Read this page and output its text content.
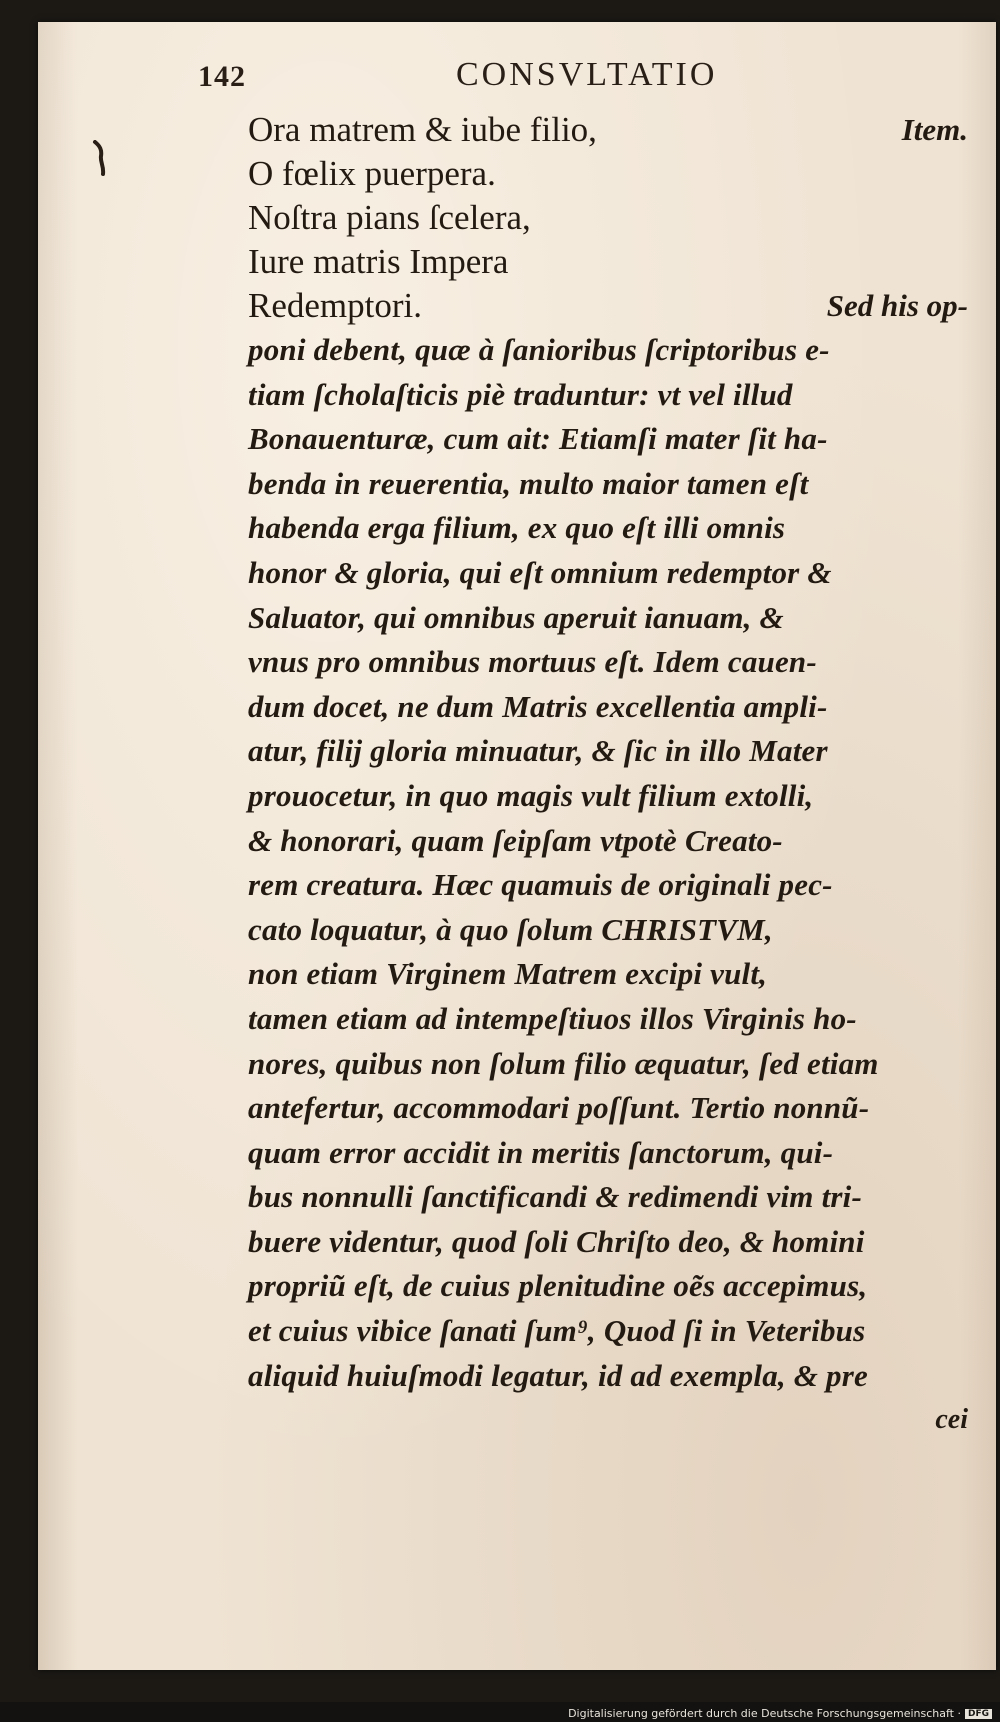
142	CONSVLTATIO
Ora matrem & iube filio,	Item.
O fœlix puerpera.
Noſtra pians ſcelera,
Iure matris Impera
Redemptori.	Sed his op-
poni debent, quæ à ſanioribus ſcriptoribus e-
tiam ſcholaſticis piè traduntur: vt vel illud
Bonauenturæ, cum ait: Etiamſi mater ſit ha-
benda in reuerentia, multo maior tamen eſt
habenda erga filium, ex quo eſt illi omnis
honor & gloria, qui eſt omnium redemptor &
Saluator, qui omnibus aperuit ianuam, &
vnus pro omnibus mortuus eſt. Idem cauen-
dum docet, ne dum Matris excellentia ampli-
atur, filij gloria minuatur, & ſic in illo Mater
prouocetur, in quo magis vult filium extolli,
& honorari, quam ſeipſam vtpotè Creato-
rem creatura. Hæc quamuis de originali pec-
cato loquatur, à quo ſolum CHRISTVM,
non etiam Virginem Matrem excipi vult,
tamen etiam ad intempeſtiuos illos Virginis ho-
nores, quibus non ſolum filio æquatur, ſed etiam
antefertur, accommodari poſſunt. Tertio nonnũ-
quam error accidit in meritis ſanctorum, qui-
bus nonnulli ſanctificandi & redimendi vim tri-
buere videntur, quod ſoli Chriſto deo, & homini
propriũ eſt, de cuius plenitudine oẽs accepimus,
et cuius vibice ſanati ſum⁹, Quod ſi in Veteribus
aliquid huiuſmodi legatur, id ad exempla, & pre
cei
Digitalisierung gefördert durch die Deutsche Forschungsgemeinschaft · DFG
